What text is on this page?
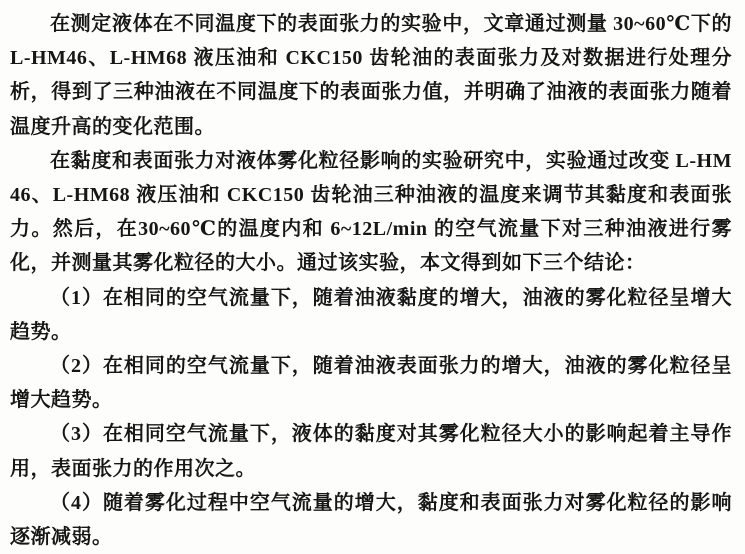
在测定液体在不同温度下的表面张力的实验中，文章通过测量 30~60℃下的L-HM46、L-HM68 液压油和 CKC150 齿轮油的表面张力及对数据进行处理分析，得到了三种油液在不同温度下的表面张力值，并明确了油液的表面张力随着温度升高的变化范围。

在黏度和表面张力对液体雾化粒径影响的实验研究中，实验通过改变 L-HM46、L-HM68 液压油和 CKC150 齿轮油三种油液的温度来调节其黏度和表面张力。然后，在30~60℃的温度内和 6~12L/min 的空气流量下对三种油液进行雾化，并测量其雾化粒径的大小。通过该实验，本文得到如下三个结论：

（1）在相同的空气流量下，随着油液黏度的增大，油液的雾化粒径呈增大趋势。

（2）在相同的空气流量下，随着油液表面张力的增大，油液的雾化粒径呈增大趋势。

（3）在相同空气流量下，液体的黏度对其雾化粒径大小的影响起着主导作用，表面张力的作用次之。

（4）随着雾化过程中空气流量的增大，黏度和表面张力对雾化粒径的影响逐渐减弱。
